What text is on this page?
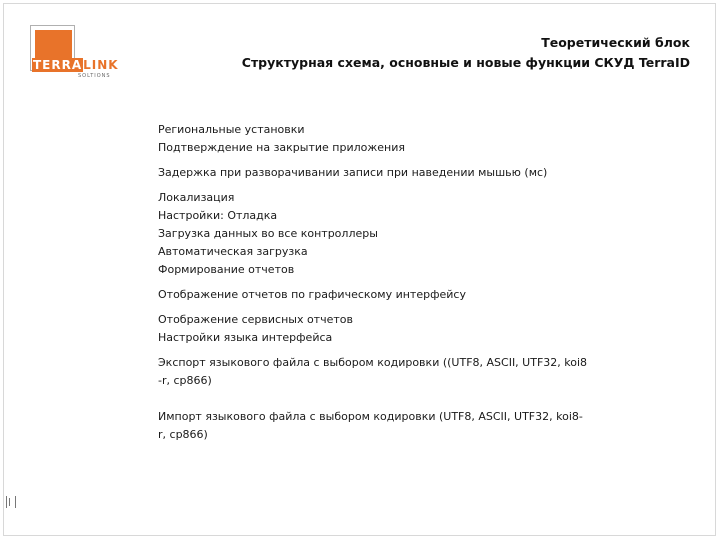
TERRALINK
SOLTIONS
Теоретический блок
Структурная схема, основные и новые функции СКУД TerraID
Региональные установки
Подтверждение на закрытие приложения
Задержка при разворачивании записи при наведении мышью (мс)
Локализация
Настройки: Отладка
Загрузка данных во все контроллеры
Автоматическая загрузка
Формирование отчетов
Отображение отчетов по графическому интерфейсу
Отображение сервисных отчетов
Настройки языка интерфейса
Экспорт языкового файла с выбором кодировки ((UTF8, ASCII, UTF32, koi8
-r, cp866)
Импорт языкового файла с выбором кодировки (UTF8, ASCII, UTF32, koi8-
r, cp866)
